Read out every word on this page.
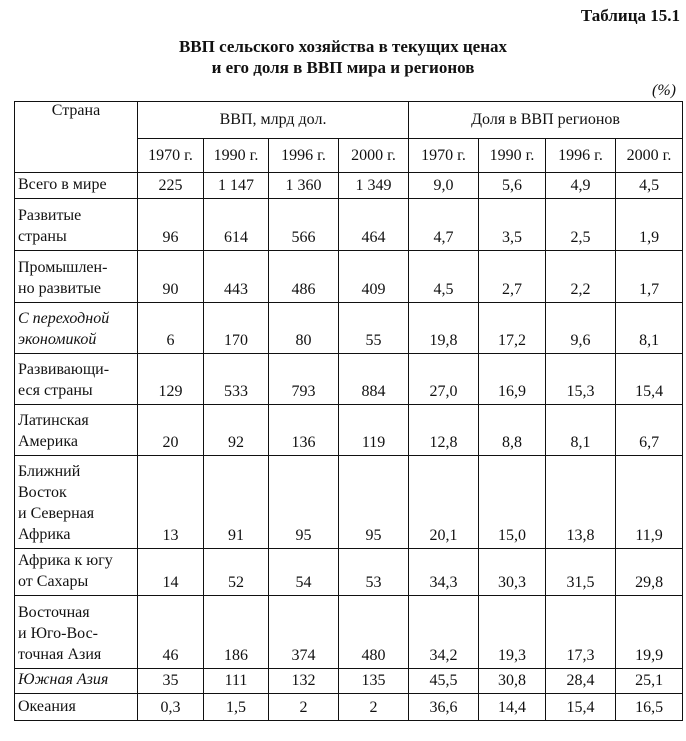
Таблица 15.1
ВВП сельского хозяйства в текущих ценах
и его доля в ВВП мира и регионов
(%)
Страна	ВВП, млрд дол.				Доля в ВВП регионов			
	1970 г.	1990 г.	1996 г.	2000 г.	1970 г.	1990 г.	1996 г.	2000 г.

Всего в мире	225	1 147	1 360	1 349	9,0	5,6	4,9	4,5

Развитые
страны	96	614	566	464	4,7	3,5	2,5	1,9

Промышлен-
но развитые	90	443	486	409	4,5	2,7	2,2	1,7

С переходной
экономикой	6	170	80	55	19,8	17,2	9,6	8,1

Развивающи-
еся страны	129	533	793	884	27,0	16,9	15,3	15,4

Латинская
Америка	20	92	136	119	12,8	8,8	8,1	6,7

Ближний
Восток
и Северная
Африка	13	91	95	95	20,1	15,0	13,8	11,9

Африка к югу
от Сахары	14	52	54	53	34,3	30,3	31,5	29,8

Восточная
и Юго-Вос-
точная Азия	46	186	374	480	34,2	19,3	17,3	19,9

Южная Азия	35	111	132	135	45,5	30,8	28,4	25,1

Океания	0,3	1,5	2	2	36,6	14,4	15,4	16,5
